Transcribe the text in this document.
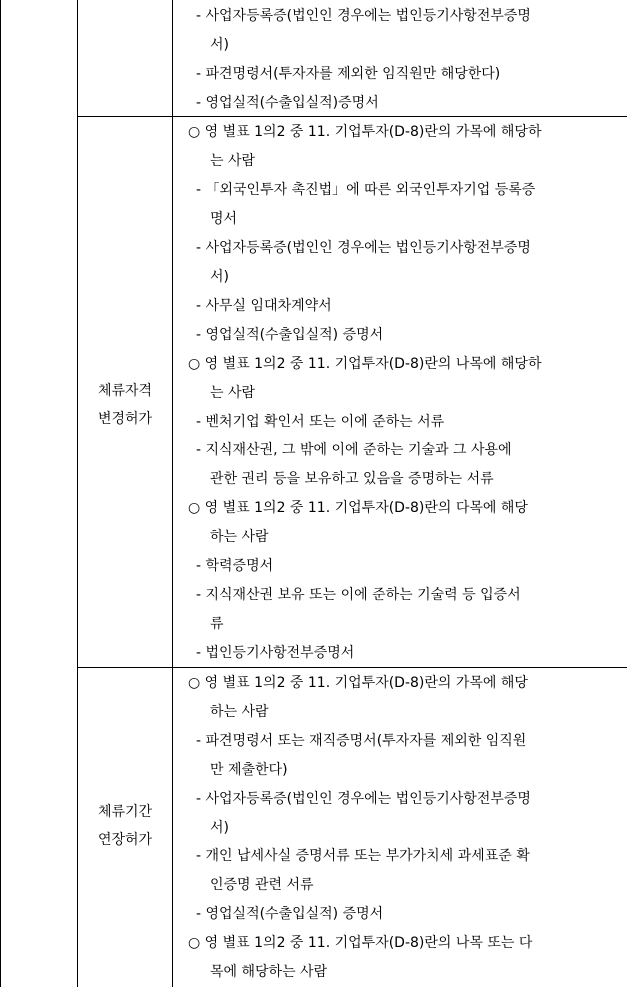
- 사업자등록증(법인인 경우에는 법인등기사항전부증명
서)
- 파견명령서(투자자를 제외한 임직원만 해당한다)
- 영업실적(수출입실적)증명서
○ 영 별표 1의2 중 11. 기업투자(D-8)란의 가목에 해당하
는 사람
- 「외국인투자 촉진법」에 따른 외국인투자기업 등록증
명서
- 사업자등록증(법인인 경우에는 법인등기사항전부증명
서)
- 사무실 임대차계약서
- 영업실적(수출입실적) 증명서
○ 영 별표 1의2 중 11. 기업투자(D-8)란의 나목에 해당하
는 사람
- 벤처기업 확인서 또는 이에 준하는 서류
- 지식재산권, 그 밖에 이에 준하는 기술과 그 사용에
관한 권리 등을 보유하고 있음을 증명하는 서류
○ 영 별표 1의2 중 11. 기업투자(D-8)란의 다목에 해당
하는 사람
- 학력증명서
- 지식재산권 보유 또는 이에 준하는 기술력 등 입증서
류
- 법인등기사항전부증명서
체류자격
변경허가
○ 영 별표 1의2 중 11. 기업투자(D-8)란의 가목에 해당
하는 사람
- 파견명령서 또는 재직증명서(투자자를 제외한 임직원
만 제출한다)
- 사업자등록증(법인인 경우에는 법인등기사항전부증명
서)
- 개인 납세사실 증명서류 또는 부가가치세 과세표준 확
인증명 관련 서류
- 영업실적(수출입실적) 증명서
○ 영 별표 1의2 중 11. 기업투자(D-8)란의 나목 또는 다
목에 해당하는 사람
체류기간
연장허가
